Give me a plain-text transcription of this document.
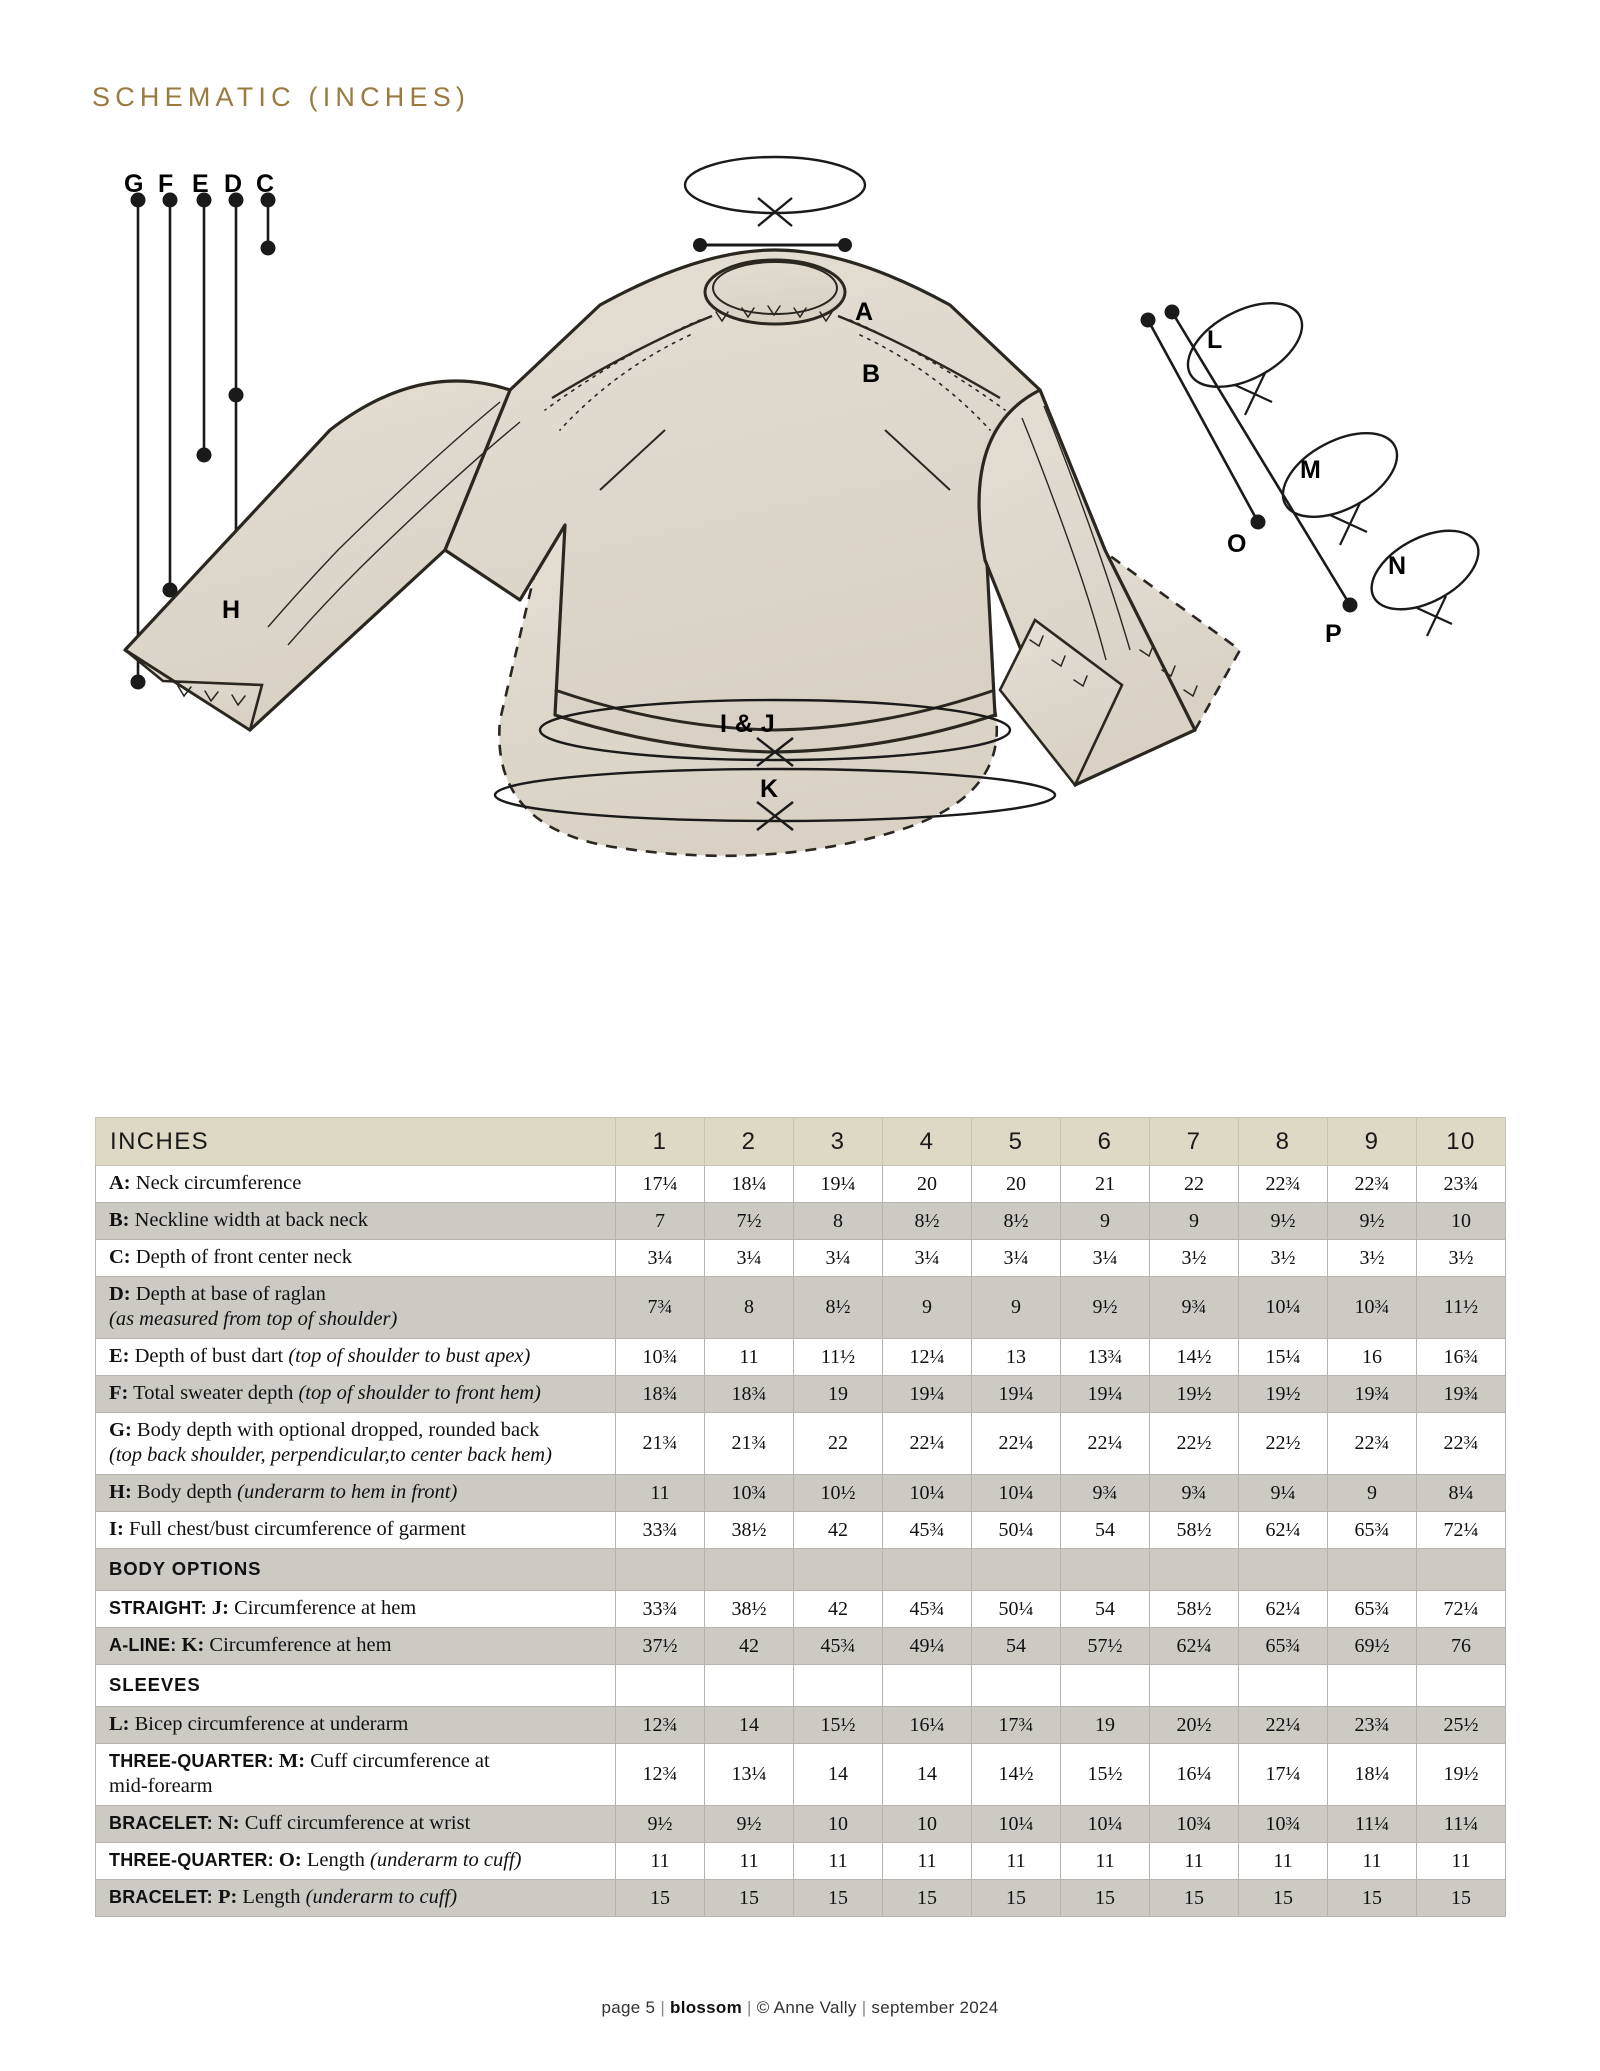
SCHEMATIC (INCHES)
A
B
G F E D C
H
L
M
N
O
P
I & J
K
INCHES	1	2	3	4	5	6	7	8	9	10
A: Neck circumference	17¼	18¼	19¼	20	20	21	22	22¾	22¾	23¾
B: Neckline width at back neck	7	7½	8	8½	8½	9	9	9½	9½	10
C: Depth of front center neck	3¼	3¼	3¼	3¼	3¼	3¼	3½	3½	3½	3½
D: Depth at base of raglan
(as measured from top of shoulder)	7¾	8	8½	9	9	9½	9¾	10¼	10¾	11½
E: Depth of bust dart (top of shoulder to bust apex)	10¾	11	11½	12¼	13	13¾	14½	15¼	16	16¾
F: Total sweater depth (top of shoulder to front hem)	18¾	18¾	19	19¼	19¼	19¼	19½	19½	19¾	19¾
G: Body depth with optional dropped, rounded back
(top back shoulder, perpendicular,to center back hem)	21¾	21¾	22	22¼	22¼	22¼	22½	22½	22¾	22¾
H: Body depth (underarm to hem in front)	11	10¾	10½	10¼	10¼	9¾	9¾	9¼	9	8¼
I: Full chest/bust circumference of garment	33¾	38½	42	45¾	50¼	54	58½	62¼	65¾	72¼
BODY OPTIONS										
STRAIGHT: J: Circumference at hem	33¾	38½	42	45¾	50¼	54	58½	62¼	65¾	72¼
A-LINE: K: Circumference at hem	37½	42	45¾	49¼	54	57½	62¼	65¾	69½	76
SLEEVES										
L: Bicep circumference at underarm	12¾	14	15½	16¼	17¾	19	20½	22¼	23¾	25½
THREE-QUARTER: M: Cuff circumference at
mid-forearm	12¾	13¼	14	14	14½	15½	16¼	17¼	18¼	19½
BRACELET: N: Cuff circumference at wrist	9½	9½	10	10	10¼	10¼	10¾	10¾	11¼	11¼
THREE-QUARTER: O: Length (underarm to cuff)	11	11	11	11	11	11	11	11	11	11
BRACELET: P: Length (underarm to cuff)	15	15	15	15	15	15	15	15	15	15
page 5 | blossom | © Anne Vally | september 2024
